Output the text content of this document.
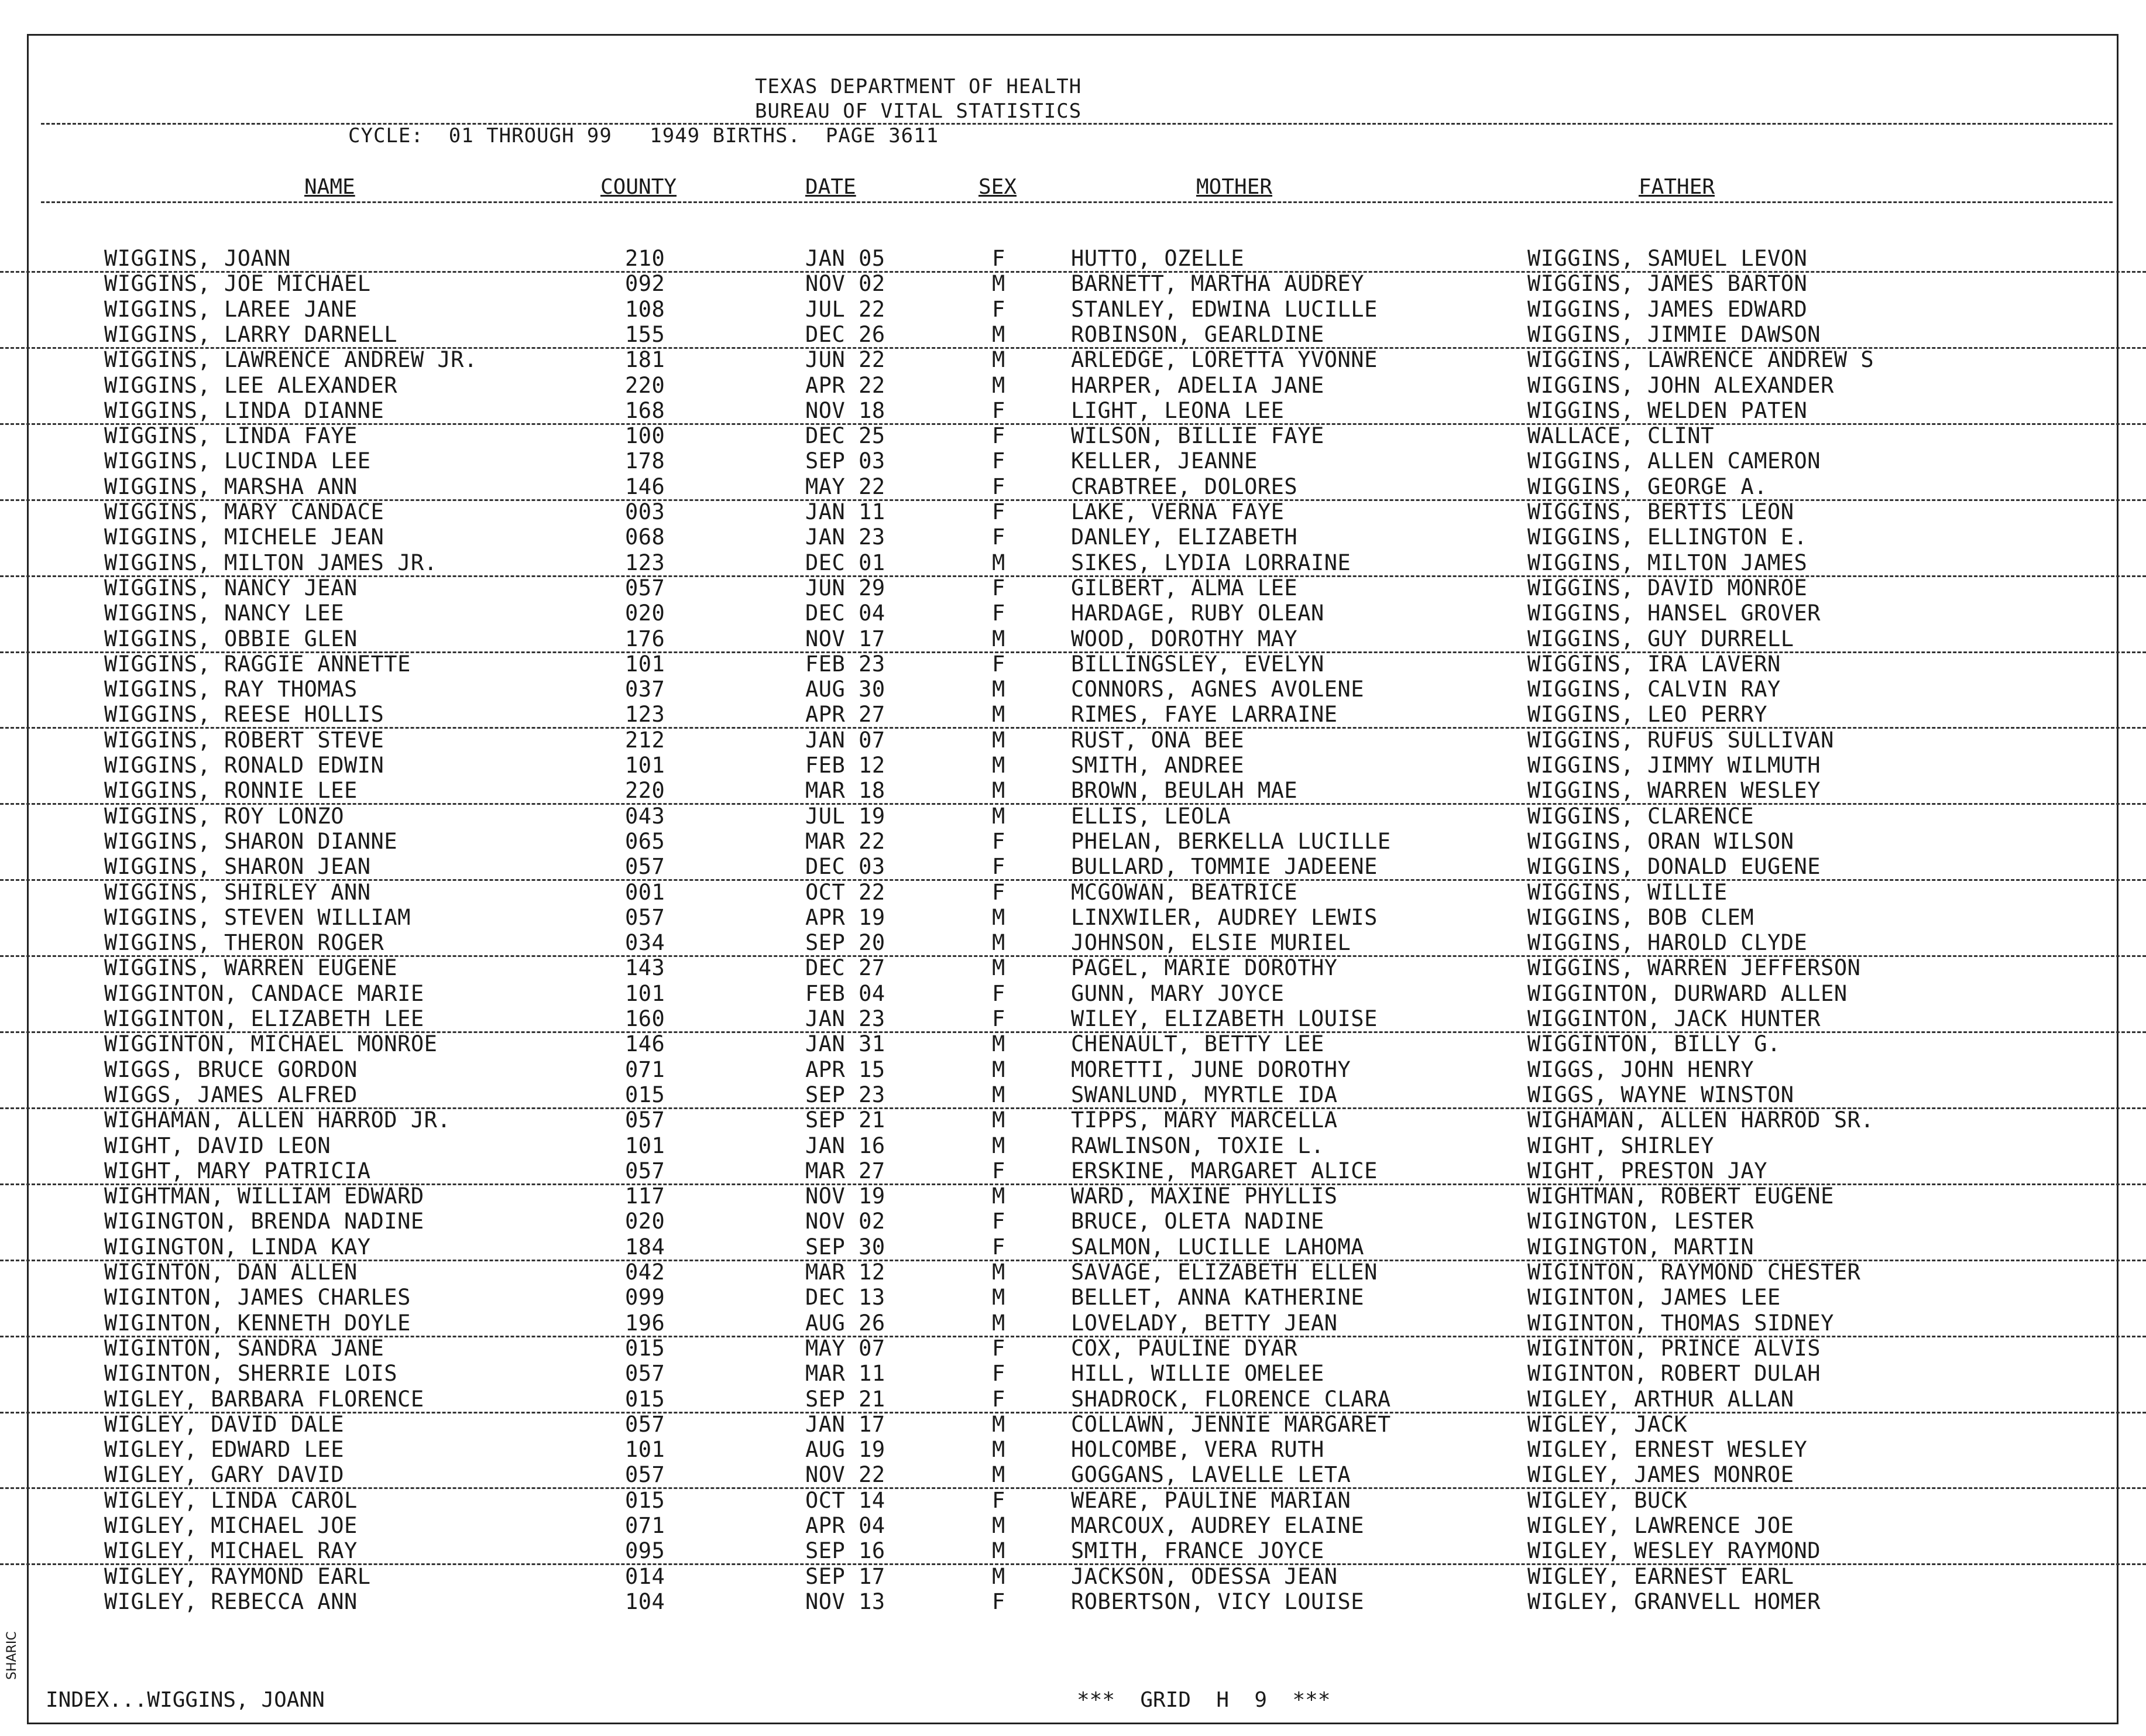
TEXAS DEPARTMENT OF HEALTH
BUREAU OF VITAL STATISTICS
CYCLE:  01 THROUGH 99   1949 BIRTHS.  PAGE 3611
NAME	COUNTY	DATE	SEX	MOTHER	FATHER
WIGGINS, JOANN	210	JAN 05	F	HUTTO, OZELLE	WIGGINS, SAMUEL LEVON
WIGGINS, JOE MICHAEL	092	NOV 02	M	BARNETT, MARTHA AUDREY	WIGGINS, JAMES BARTON
WIGGINS, LAREE JANE	108	JUL 22	F	STANLEY, EDWINA LUCILLE	WIGGINS, JAMES EDWARD
WIGGINS, LARRY DARNELL	155	DEC 26	M	ROBINSON, GEARLDINE	WIGGINS, JIMMIE DAWSON
WIGGINS, LAWRENCE ANDREW JR.	181	JUN 22	M	ARLEDGE, LORETTA YVONNE	WIGGINS, LAWRENCE ANDREW S
WIGGINS, LEE ALEXANDER	220	APR 22	M	HARPER, ADELIA JANE	WIGGINS, JOHN ALEXANDER
WIGGINS, LINDA DIANNE	168	NOV 18	F	LIGHT, LEONA LEE	WIGGINS, WELDEN PATEN
WIGGINS, LINDA FAYE	100	DEC 25	F	WILSON, BILLIE FAYE	WALLACE, CLINT
WIGGINS, LUCINDA LEE	178	SEP 03	F	KELLER, JEANNE	WIGGINS, ALLEN CAMERON
WIGGINS, MARSHA ANN	146	MAY 22	F	CRABTREE, DOLORES	WIGGINS, GEORGE A.
WIGGINS, MARY CANDACE	003	JAN 11	F	LAKE, VERNA FAYE	WIGGINS, BERTIS LEON
WIGGINS, MICHELE JEAN	068	JAN 23	F	DANLEY, ELIZABETH	WIGGINS, ELLINGTON E.
WIGGINS, MILTON JAMES JR.	123	DEC 01	M	SIKES, LYDIA LORRAINE	WIGGINS, MILTON JAMES
WIGGINS, NANCY JEAN	057	JUN 29	F	GILBERT, ALMA LEE	WIGGINS, DAVID MONROE
WIGGINS, NANCY LEE	020	DEC 04	F	HARDAGE, RUBY OLEAN	WIGGINS, HANSEL GROVER
WIGGINS, OBBIE GLEN	176	NOV 17	M	WOOD, DOROTHY MAY	WIGGINS, GUY DURRELL
WIGGINS, RAGGIE ANNETTE	101	FEB 23	F	BILLINGSLEY, EVELYN	WIGGINS, IRA LAVERN
WIGGINS, RAY THOMAS	037	AUG 30	M	CONNORS, AGNES AVOLENE	WIGGINS, CALVIN RAY
WIGGINS, REESE HOLLIS	123	APR 27	M	RIMES, FAYE LARRAINE	WIGGINS, LEO PERRY
WIGGINS, ROBERT STEVE	212	JAN 07	M	RUST, ONA BEE	WIGGINS, RUFUS SULLIVAN
WIGGINS, RONALD EDWIN	101	FEB 12	M	SMITH, ANDREE	WIGGINS, JIMMY WILMUTH
WIGGINS, RONNIE LEE	220	MAR 18	M	BROWN, BEULAH MAE	WIGGINS, WARREN WESLEY
WIGGINS, ROY LONZO	043	JUL 19	M	ELLIS, LEOLA	WIGGINS, CLARENCE
WIGGINS, SHARON DIANNE	065	MAR 22	F	PHELAN, BERKELLA LUCILLE	WIGGINS, ORAN WILSON
WIGGINS, SHARON JEAN	057	DEC 03	F	BULLARD, TOMMIE JADEENE	WIGGINS, DONALD EUGENE
WIGGINS, SHIRLEY ANN	001	OCT 22	F	MCGOWAN, BEATRICE	WIGGINS, WILLIE
WIGGINS, STEVEN WILLIAM	057	APR 19	M	LINXWILER, AUDREY LEWIS	WIGGINS, BOB CLEM
WIGGINS, THERON ROGER	034	SEP 20	M	JOHNSON, ELSIE MURIEL	WIGGINS, HAROLD CLYDE
WIGGINS, WARREN EUGENE	143	DEC 27	M	PAGEL, MARIE DOROTHY	WIGGINS, WARREN JEFFERSON
WIGGINTON, CANDACE MARIE	101	FEB 04	F	GUNN, MARY JOYCE	WIGGINTON, DURWARD ALLEN
WIGGINTON, ELIZABETH LEE	160	JAN 23	F	WILEY, ELIZABETH LOUISE	WIGGINTON, JACK HUNTER
WIGGINTON, MICHAEL MONROE	146	JAN 31	M	CHENAULT, BETTY LEE	WIGGINTON, BILLY G.
WIGGS, BRUCE GORDON	071	APR 15	M	MORETTI, JUNE DOROTHY	WIGGS, JOHN HENRY
WIGGS, JAMES ALFRED	015	SEP 23	M	SWANLUND, MYRTLE IDA	WIGGS, WAYNE WINSTON
WIGHAMAN, ALLEN HARROD JR.	057	SEP 21	M	TIPPS, MARY MARCELLA	WIGHAMAN, ALLEN HARROD SR.
WIGHT, DAVID LEON	101	JAN 16	M	RAWLINSON, TOXIE L.	WIGHT, SHIRLEY
WIGHT, MARY PATRICIA	057	MAR 27	F	ERSKINE, MARGARET ALICE	WIGHT, PRESTON JAY
WIGHTMAN, WILLIAM EDWARD	117	NOV 19	M	WARD, MAXINE PHYLLIS	WIGHTMAN, ROBERT EUGENE
WIGINGTON, BRENDA NADINE	020	NOV 02	F	BRUCE, OLETA NADINE	WIGINGTON, LESTER
WIGINGTON, LINDA KAY	184	SEP 30	F	SALMON, LUCILLE LAHOMA	WIGINGTON, MARTIN
WIGINTON, DAN ALLEN	042	MAR 12	M	SAVAGE, ELIZABETH ELLEN	WIGINTON, RAYMOND CHESTER
WIGINTON, JAMES CHARLES	099	DEC 13	M	BELLET, ANNA KATHERINE	WIGINTON, JAMES LEE
WIGINTON, KENNETH DOYLE	196	AUG 26	M	LOVELADY, BETTY JEAN	WIGINTON, THOMAS SIDNEY
WIGINTON, SANDRA JANE	015	MAY 07	F	COX, PAULINE DYAR	WIGINTON, PRINCE ALVIS
WIGINTON, SHERRIE LOIS	057	MAR 11	F	HILL, WILLIE OMELEE	WIGINTON, ROBERT DULAH
WIGLEY, BARBARA FLORENCE	015	SEP 21	F	SHADROCK, FLORENCE CLARA	WIGLEY, ARTHUR ALLAN
WIGLEY, DAVID DALE	057	JAN 17	M	COLLAWN, JENNIE MARGARET	WIGLEY, JACK
WIGLEY, EDWARD LEE	101	AUG 19	M	HOLCOMBE, VERA RUTH	WIGLEY, ERNEST WESLEY
WIGLEY, GARY DAVID	057	NOV 22	M	GOGGANS, LAVELLE LETA	WIGLEY, JAMES MONROE
WIGLEY, LINDA CAROL	015	OCT 14	F	WEARE, PAULINE MARIAN	WIGLEY, BUCK
WIGLEY, MICHAEL JOE	071	APR 04	M	MARCOUX, AUDREY ELAINE	WIGLEY, LAWRENCE JOE
WIGLEY, MICHAEL RAY	095	SEP 16	M	SMITH, FRANCE JOYCE	WIGLEY, WESLEY RAYMOND
WIGLEY, RAYMOND EARL	014	SEP 17	M	JACKSON, ODESSA JEAN	WIGLEY, EARNEST EARL
WIGLEY, REBECCA ANN	104	NOV 13	F	ROBERTSON, VICY LOUISE	WIGLEY, GRANVELL HOMER
INDEX...WIGGINS, JOANN	***  GRID  H  9  ***
SHARIC
